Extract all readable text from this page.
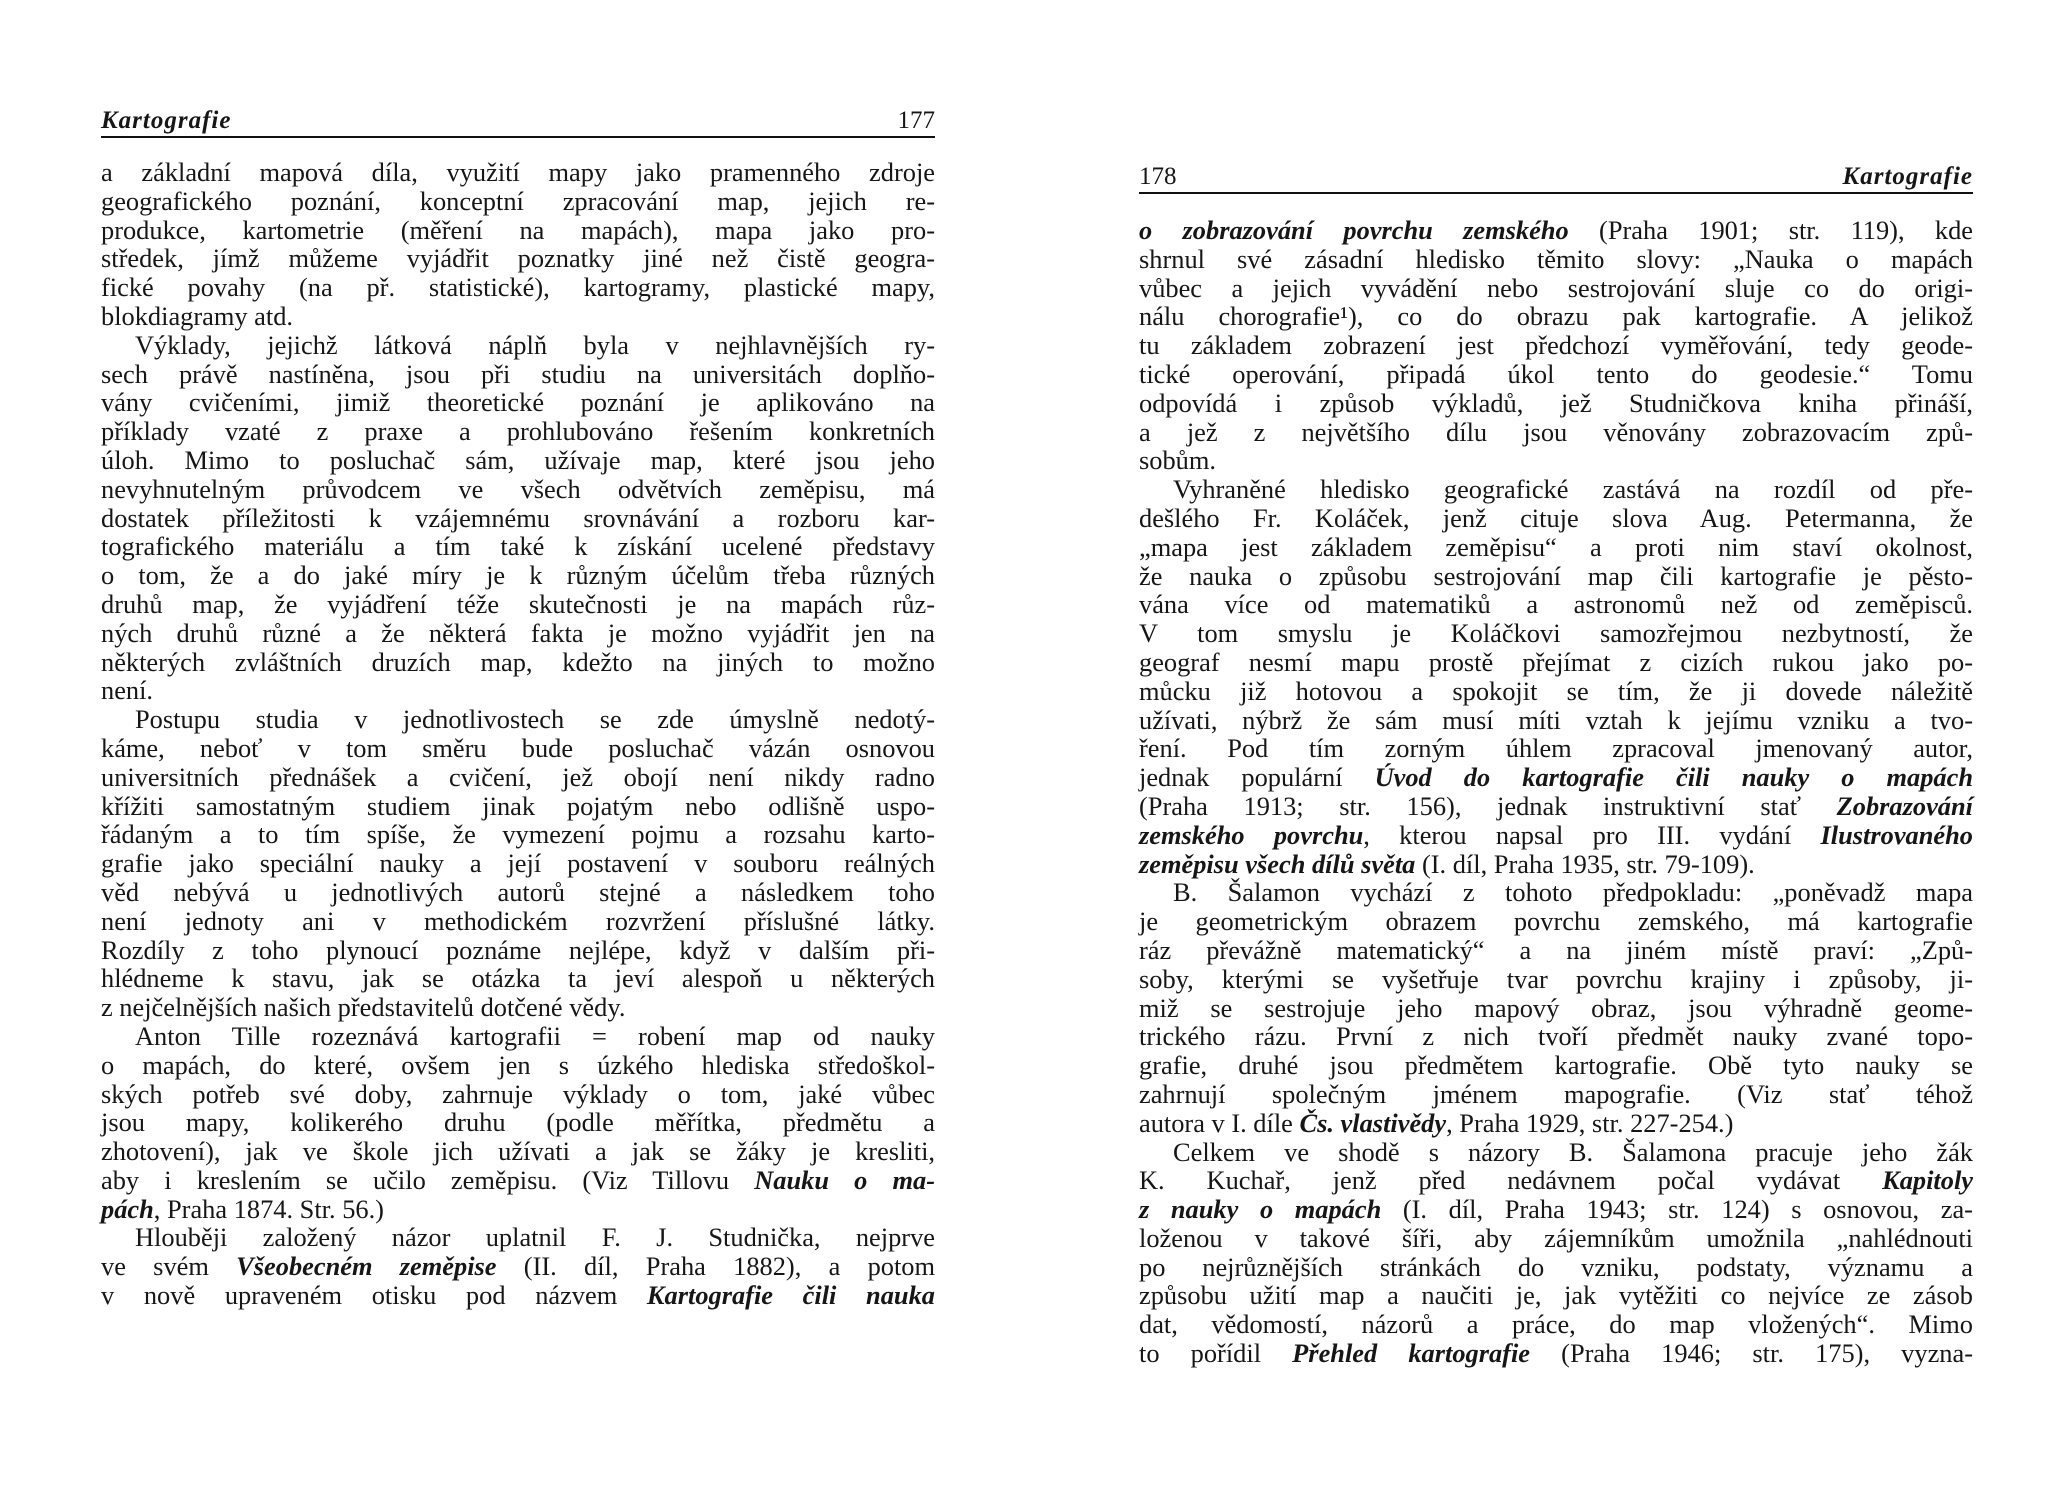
Kartografie	177
a základní mapová díla, využití mapy jako pramenného zdroje
geografického poznání, konceptní zpracování map, jejich re-
produkce, kartometrie (měření na mapách), mapa jako pro-
středek, jímž můžeme vyjádřit poznatky jiné než čistě geogra-
fické povahy (na př. statistické), kartogramy, plastické mapy,
blokdiagramy atd.
Výklady, jejichž látková náplň byla v nejhlavnějších ry-
sech právě nastíněna, jsou při studiu na universitách doplňo-
vány cvičeními, jimiž theoretické poznání je aplikováno na
příklady vzaté z praxe a prohlubováno řešením konkretních
úloh. Mimo to posluchač sám, užívaje map, které jsou jeho
nevyhnutelným průvodcem ve všech odvětvích zeměpisu, má
dostatek příležitosti k vzájemnému srovnávání a rozboru kar-
tografického materiálu a tím také k získání ucelené představy
o tom, že a do jaké míry je k různým účelům třeba různých
druhů map, že vyjádření téže skutečnosti je na mapách růz-
ných druhů různé a že některá fakta je možno vyjádřit jen na
některých zvláštních druzích map, kdežto na jiných to možno
není.
Postupu studia v jednotlivostech se zde úmyslně nedotý-
káme, neboť v tom směru bude posluchač vázán osnovou
universitních přednášek a cvičení, jež obojí není nikdy radno
křížiti samostatným studiem jinak pojatým nebo odlišně uspo-
řádaným a to tím spíše, že vymezení pojmu a rozsahu karto-
grafie jako speciální nauky a její postavení v souboru reálných
věd nebývá u jednotlivých autorů stejné a následkem toho
není jednoty ani v methodickém rozvržení příslušné látky.
Rozdíly z toho plynoucí poznáme nejlépe, když v dalším při-
hlédneme k stavu, jak se otázka ta jeví alespoň u některých
z nejčelnějších našich představitelů dotčené vědy.
Anton Tille rozeznává kartografii = robení map od nauky
o mapách, do které, ovšem jen s úzkého hlediska středoškol-
ských potřeb své doby, zahrnuje výklady o tom, jaké vůbec
jsou mapy, kolikerého druhu (podle měřítka, předmětu a
zhotovení), jak ve škole jich užívati a jak se žáky je kresliti,
aby i kreslením se učilo zeměpisu. (Viz Tillovu Nauku o ma-
pách, Praha 1874. Str. 56.)
Hlouběji založený názor uplatnil F. J. Studnička, nejprve
ve svém Všeobecném zeměpise (II. díl, Praha 1882), a potom
v nově upraveném otisku pod názvem Kartografie čili nauka
178	Kartografie
o zobrazování povrchu zemského (Praha 1901; str. 119), kde
shrnul své zásadní hledisko těmito slovy: „Nauka o mapách
vůbec a jejich vyvádění nebo sestrojování sluje co do origi-
nálu chorografie¹), co do obrazu pak kartografie. A jelikož
tu základem zobrazení jest předchozí vyměřování, tedy geode-
tické operování, připadá úkol tento do geodesie.“ Tomu
odpovídá i způsob výkladů, jež Studničkova kniha přináší,
a jež z největšího dílu jsou věnovány zobrazovacím způ-
sobům.
Vyhraněné hledisko geografické zastává na rozdíl od pře-
dešlého Fr. Koláček, jenž cituje slova Aug. Petermanna, že
„mapa jest základem zeměpisu“ a proti nim staví okolnost,
že nauka o způsobu sestrojování map čili kartografie je pěsto-
vána více od matematiků a astronomů než od zeměpisců.
V tom smyslu je Koláčkovi samozřejmou nezbytností, že
geograf nesmí mapu prostě přejímat z cizích rukou jako po-
můcku již hotovou a spokojit se tím, že ji dovede náležitě
užívati, nýbrž že sám musí míti vztah k jejímu vzniku a tvo-
ření. Pod tím zorným úhlem zpracoval jmenovaný autor,
jednak populární Úvod do kartografie čili nauky o mapách
(Praha 1913; str. 156), jednak instruktivní stať Zobrazování
zemského povrchu, kterou napsal pro III. vydání Ilustrovaného
zeměpisu všech dílů světa (I. díl, Praha 1935, str. 79-109).
B. Šalamon vychází z tohoto předpokladu: „poněvadž mapa
je geometrickým obrazem povrchu zemského, má kartografie
ráz převážně matematický“ a na jiném místě praví: „Způ-
soby, kterými se vyšetřuje tvar povrchu krajiny i způsoby, ji-
miž se sestrojuje jeho mapový obraz, jsou výhradně geome-
trického rázu. První z nich tvoří předmět nauky zvané topo-
grafie, druhé jsou předmětem kartografie. Obě tyto nauky se
zahrnují společným jménem mapografie. (Viz stať téhož
autora v I. díle Čs. vlastivědy, Praha 1929, str. 227-254.)
Celkem ve shodě s názory B. Šalamona pracuje jeho žák
K. Kuchař, jenž před nedávnem počal vydávat Kapitoly
z nauky o mapách (I. díl, Praha 1943; str. 124) s osnovou, za-
loženou v takové šíři, aby zájemníkům umožnila „nahlédnouti
po nejrůznějších stránkách do vzniku, podstaty, významu a
způsobu užití map a naučiti je, jak vytěžiti co nejvíce ze zásob
dat, vědomostí, názorů a práce, do map vložených“. Mimo
to pořídil Přehled kartografie (Praha 1946; str. 175), vyzna-
